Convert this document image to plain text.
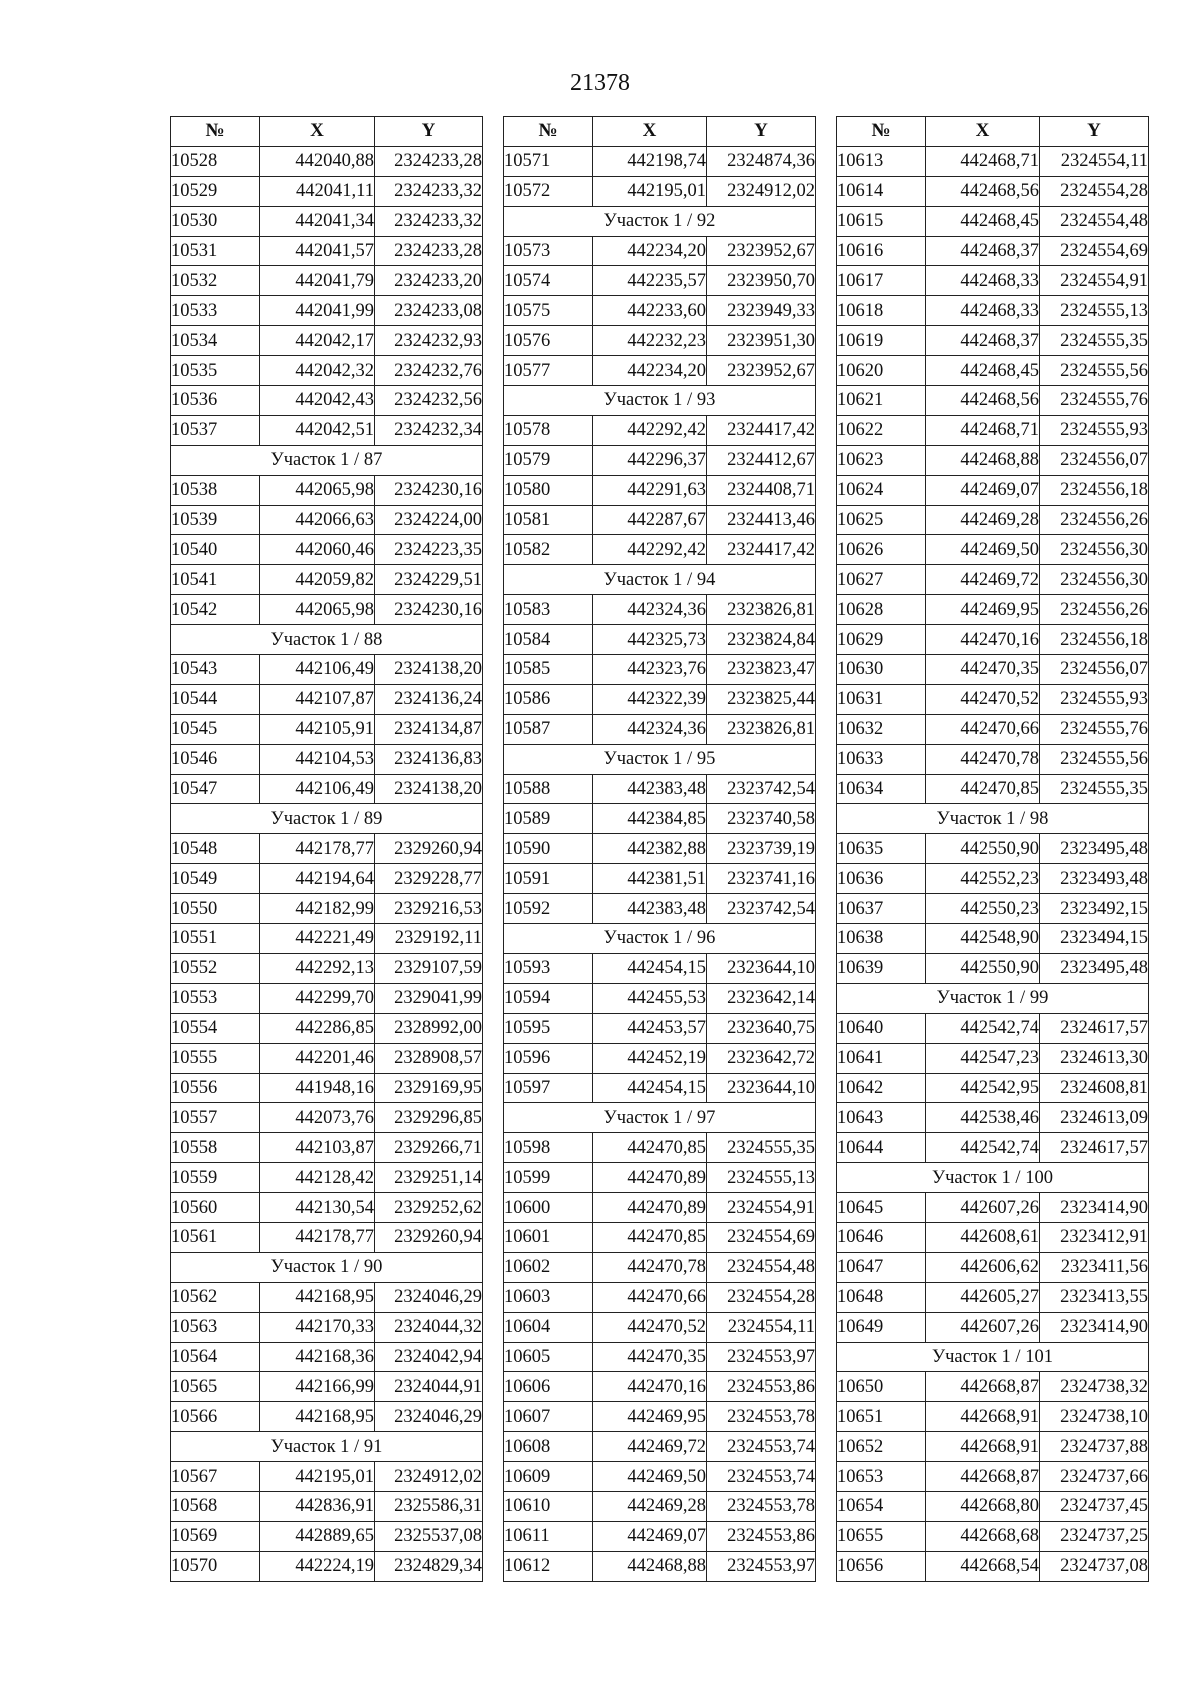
21378
№	X	Y
10528	442040,88	2324233,28
10529	442041,11	2324233,32
10530	442041,34	2324233,32
10531	442041,57	2324233,28
10532	442041,79	2324233,20
10533	442041,99	2324233,08
10534	442042,17	2324232,93
10535	442042,32	2324232,76
10536	442042,43	2324232,56
10537	442042,51	2324232,34
Участок 1 / 87		
10538	442065,98	2324230,16
10539	442066,63	2324224,00
10540	442060,46	2324223,35
10541	442059,82	2324229,51
10542	442065,98	2324230,16
Участок 1 / 88		
10543	442106,49	2324138,20
10544	442107,87	2324136,24
10545	442105,91	2324134,87
10546	442104,53	2324136,83
10547	442106,49	2324138,20
Участок 1 / 89		
10548	442178,77	2329260,94
10549	442194,64	2329228,77
10550	442182,99	2329216,53
10551	442221,49	2329192,11
10552	442292,13	2329107,59
10553	442299,70	2329041,99
10554	442286,85	2328992,00
10555	442201,46	2328908,57
10556	441948,16	2329169,95
10557	442073,76	2329296,85
10558	442103,87	2329266,71
10559	442128,42	2329251,14
10560	442130,54	2329252,62
10561	442178,77	2329260,94
Участок 1 / 90		
10562	442168,95	2324046,29
10563	442170,33	2324044,32
10564	442168,36	2324042,94
10565	442166,99	2324044,91
10566	442168,95	2324046,29
Участок 1 / 91		
10567	442195,01	2324912,02
10568	442836,91	2325586,31
10569	442889,65	2325537,08
10570	442224,19	2324829,34
№	X	Y
10571	442198,74	2324874,36
10572	442195,01	2324912,02
Участок 1 / 92		
10573	442234,20	2323952,67
10574	442235,57	2323950,70
10575	442233,60	2323949,33
10576	442232,23	2323951,30
10577	442234,20	2323952,67
Участок 1 / 93		
10578	442292,42	2324417,42
10579	442296,37	2324412,67
10580	442291,63	2324408,71
10581	442287,67	2324413,46
10582	442292,42	2324417,42
Участок 1 / 94		
10583	442324,36	2323826,81
10584	442325,73	2323824,84
10585	442323,76	2323823,47
10586	442322,39	2323825,44
10587	442324,36	2323826,81
Участок 1 / 95		
10588	442383,48	2323742,54
10589	442384,85	2323740,58
10590	442382,88	2323739,19
10591	442381,51	2323741,16
10592	442383,48	2323742,54
Участок 1 / 96		
10593	442454,15	2323644,10
10594	442455,53	2323642,14
10595	442453,57	2323640,75
10596	442452,19	2323642,72
10597	442454,15	2323644,10
Участок 1 / 97		
10598	442470,85	2324555,35
10599	442470,89	2324555,13
10600	442470,89	2324554,91
10601	442470,85	2324554,69
10602	442470,78	2324554,48
10603	442470,66	2324554,28
10604	442470,52	2324554,11
10605	442470,35	2324553,97
10606	442470,16	2324553,86
10607	442469,95	2324553,78
10608	442469,72	2324553,74
10609	442469,50	2324553,74
10610	442469,28	2324553,78
10611	442469,07	2324553,86
10612	442468,88	2324553,97
№	X	Y
10613	442468,71	2324554,11
10614	442468,56	2324554,28
10615	442468,45	2324554,48
10616	442468,37	2324554,69
10617	442468,33	2324554,91
10618	442468,33	2324555,13
10619	442468,37	2324555,35
10620	442468,45	2324555,56
10621	442468,56	2324555,76
10622	442468,71	2324555,93
10623	442468,88	2324556,07
10624	442469,07	2324556,18
10625	442469,28	2324556,26
10626	442469,50	2324556,30
10627	442469,72	2324556,30
10628	442469,95	2324556,26
10629	442470,16	2324556,18
10630	442470,35	2324556,07
10631	442470,52	2324555,93
10632	442470,66	2324555,76
10633	442470,78	2324555,56
10634	442470,85	2324555,35
Участок 1 / 98		
10635	442550,90	2323495,48
10636	442552,23	2323493,48
10637	442550,23	2323492,15
10638	442548,90	2323494,15
10639	442550,90	2323495,48
Участок 1 / 99		
10640	442542,74	2324617,57
10641	442547,23	2324613,30
10642	442542,95	2324608,81
10643	442538,46	2324613,09
10644	442542,74	2324617,57
Участок 1 / 100		
10645	442607,26	2323414,90
10646	442608,61	2323412,91
10647	442606,62	2323411,56
10648	442605,27	2323413,55
10649	442607,26	2323414,90
Участок 1 / 101		
10650	442668,87	2324738,32
10651	442668,91	2324738,10
10652	442668,91	2324737,88
10653	442668,87	2324737,66
10654	442668,80	2324737,45
10655	442668,68	2324737,25
10656	442668,54	2324737,08
